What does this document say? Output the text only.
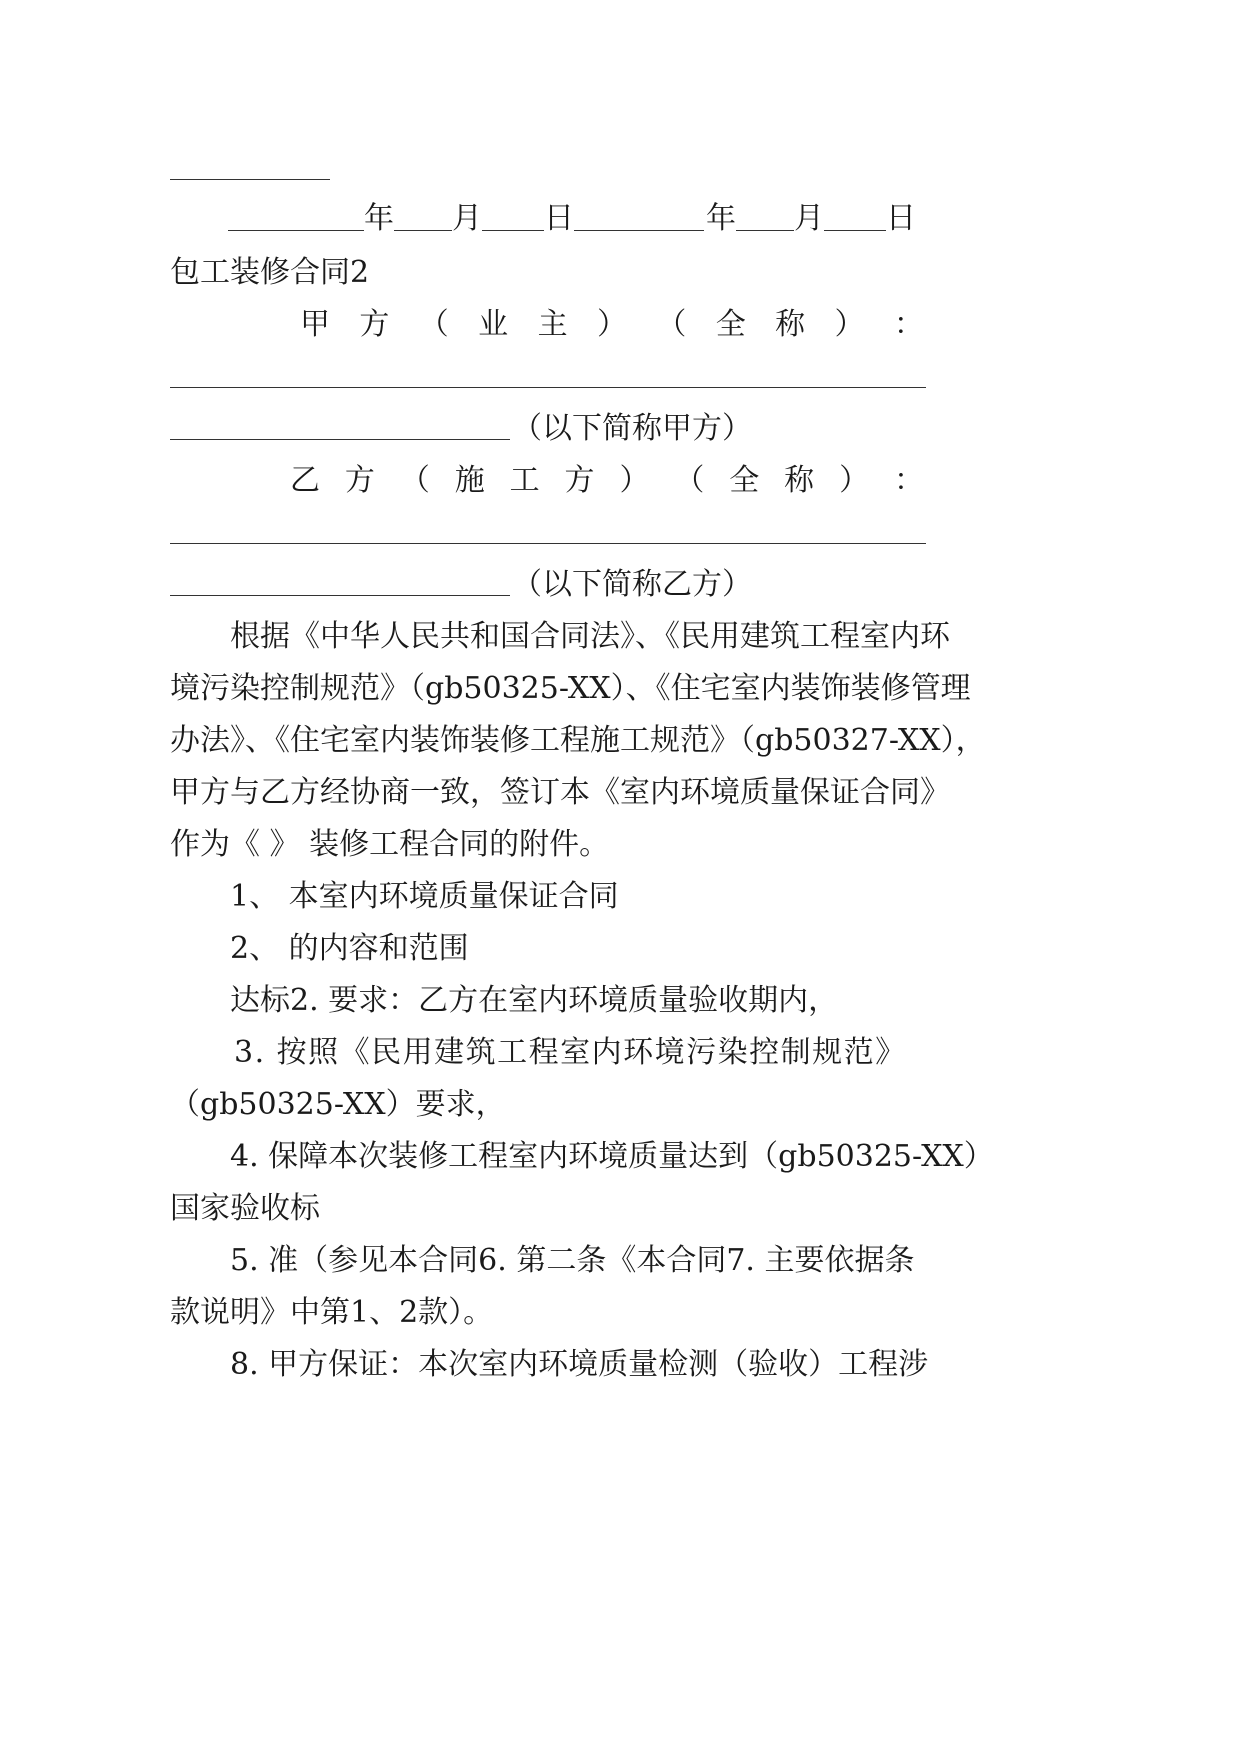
年 月 日	年 月 日
包工装修合同2
甲 方 （ 业 主 ） （ 全 称 ） ：
（以下简称甲方）
乙 方 （ 施 工 方 ） （ 全 称 ） ：
（以下简称乙方）
根据《中华人民共和国合同法》、《民用建筑工程室内环
境污染控制规范》（gb50325-XX）、《住宅室内装饰装修管理
办法》、《住宅室内装饰装修工程施工规范》（gb50327-XX），
甲方与乙方经协商一致，签订本《室内环境质量保证合同》
作为《 》 装修工程合同的附件。
1、 本室内环境质量保证合同
2、 的内容和范围
达标2. 要求：乙方在室内环境质量验收期内，
3. 按照《民用建筑工程室内环境污染控制规范》
（gb50325-XX）要求，
4. 保障本次装修工程室内环境质量达到（gb50325-XX）
国家验收标
5. 准（参见本合同6. 第二条《本合同7. 主要依据条
款说明》中第1、2款）。
8. 甲方保证：本次室内环境质量检测（验收）工程涉
